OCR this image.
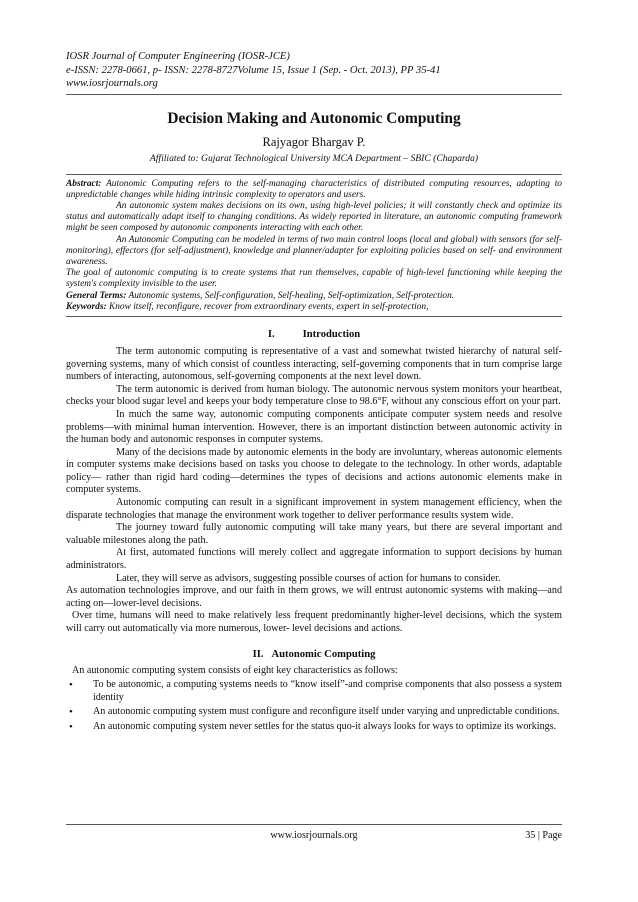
IOSR Journal of Computer Engineering (IOSR-JCE)
e-ISSN: 2278-0661, p- ISSN: 2278-8727Volume 15, Issue 1 (Sep. - Oct. 2013), PP 35-41
www.iosrjournals.org
Decision Making and Autonomic Computing
Rajyagor Bhargav P.
Affiliated to: Gujarat Technological University MCA Department – SBIC (Chaparda)

Abstract: Autonomic Computing refers to the self-managing characteristics of distributed computing resources, adapting to unpredictable changes while hiding intrinsic complexity to operators and users.

An autonomic system makes decisions on its own, using high-level policies; it will constantly check and optimize its status and automatically adapt itself to changing conditions. As widely reported in literature, an autonomic computing framework might be seen composed by autonomic components interacting with each other.

An Autonomic Computing can be modeled in terms of two main control loops (local and global) with sensors (for self-monitoring), effectors (for self-adjustment), knowledge and planner/adapter for exploiting policies based on self- and environment awareness.

The goal of autonomic computing is to create systems that run themselves, capable of high-level functioning while keeping the system's complexity invisible to the user.

General Terms: Autonomic systems, Self-configuration, Self-healing, Self-optimization, Self-protection.

Keywords: Know itself, reconfigure, recover from extraordinary events, expert in self-protection,

I.	Introduction

The term autonomic computing is representative of a vast and somewhat twisted hierarchy of natural self-governing systems, many of which consist of countless interacting, self-governing components that in turn comprise large numbers of interacting, autonomous, self-governing components at the next level down.

The term autonomic is derived from human biology. The autonomic nervous system monitors your heartbeat, checks your blood sugar level and keeps your body temperature close to 98.6°F, without any conscious effort on your part.

In much the same way, autonomic computing components anticipate computer system needs and resolve problems—with minimal human intervention. However, there is an important distinction between autonomic activity in the human body and autonomic responses in computer systems.

Many of the decisions made by autonomic elements in the body are involuntary, whereas autonomic elements in computer systems make decisions based on tasks you choose to delegate to the technology. In other words, adaptable policy— rather than rigid hard coding—determines the types of decisions and actions autonomic elements make in computer systems.

Autonomic computing can result in a significant improvement in system management efficiency, when the disparate technologies that manage the environment work together to deliver performance results system wide.

The journey toward fully autonomic computing will take many years, but there are several important and valuable milestones along the path.

At first, automated functions will merely collect and aggregate information to support decisions by human administrators.

Later, they will serve as advisors, suggesting possible courses of action for humans to consider.

As automation technologies improve, and our faith in them grows, we will entrust autonomic systems with making—and acting on—lower-level decisions.

Over time, humans will need to make relatively less frequent predominantly higher-level decisions, which the system will carry out automatically via more numerous, lower- level decisions and actions.

II. Autonomic Computing
An autonomic computing system consists of eight key characteristics as follows:
• To be autonomic, a computing systems needs to “know itself”-and comprise components that also possess a system identity
• An autonomic computing system must configure and reconfigure itself under varying and unpredictable conditions.
• An autonomic computing system never settles for the status quo-it always looks for ways to optimize its workings.
www.iosrjournals.org	35 | Page
